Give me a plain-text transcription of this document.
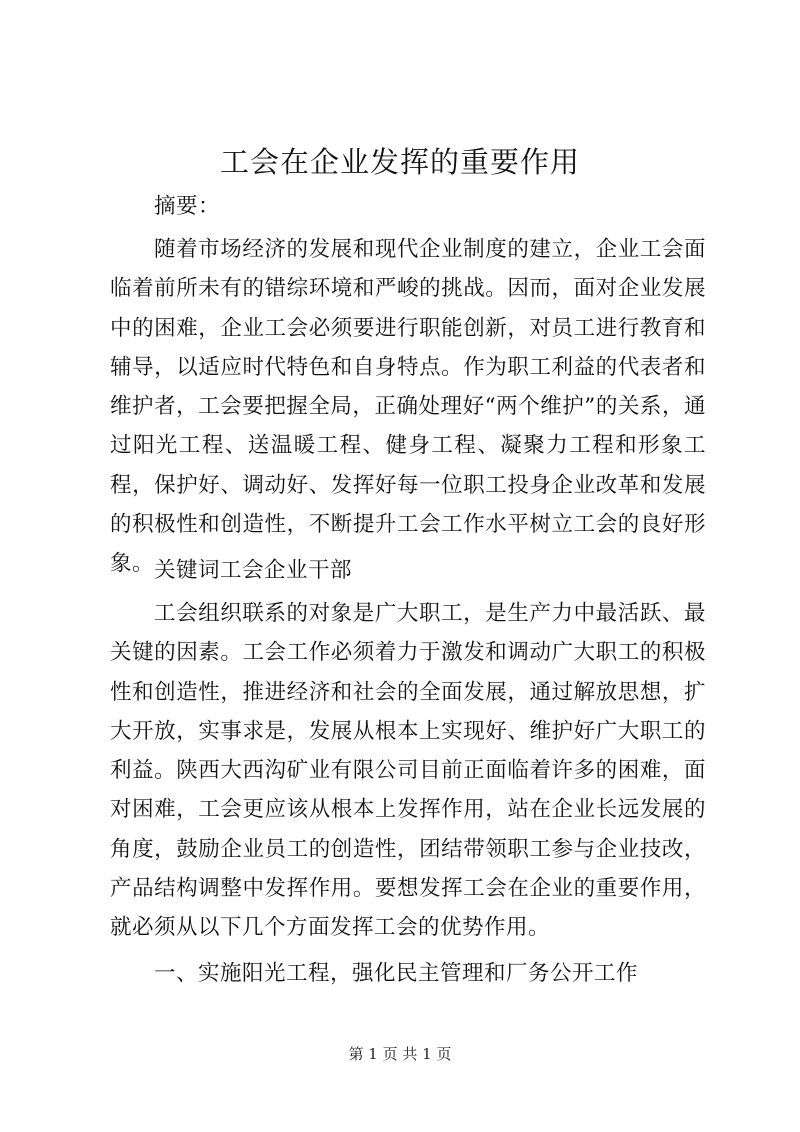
工会在企业发挥的重要作用

摘要：

随着市场经济的发展和现代企业制度的建立，企业工会面临着前所未有的错综环境和严峻的挑战。因而，面对企业发展中的困难，企业工会必须要进行职能创新，对员工进行教育和辅导，以适应时代特色和自身特点。作为职工利益的代表者和维护者，工会要把握全局，正确处理好“两个维护”的关系，通过阳光工程、送温暖工程、健身工程、凝聚力工程和形象工程，保护好、调动好、发挥好每一位职工投身企业改革和发展的积极性和创造性，不断提升工会工作水平树立工会的良好形象。 关键词工会企业干部

工会组织联系的对象是广大职工，是生产力中最活跃、最关键的因素。工会工作必须着力于激发和调动广大职工的积极性和创造性，推进经济和社会的全面发展，通过解放思想，扩大开放，实事求是，发展从根本上实现好、维护好广大职工的利益。陕西大西沟矿业有限公司目前正面临着许多的困难，面对困难，工会更应该从根本上发挥作用，站在企业长远发展的角度，鼓励企业员工的创造性，团结带领职工参与企业技改，产品结构调整中发挥作用。要想发挥工会在企业的重要作用，就必须从以下几个方面发挥工会的优势作用。

一、实施阳光工程，强化民主管理和厂务公开工作

第 1 页 共 1 页
